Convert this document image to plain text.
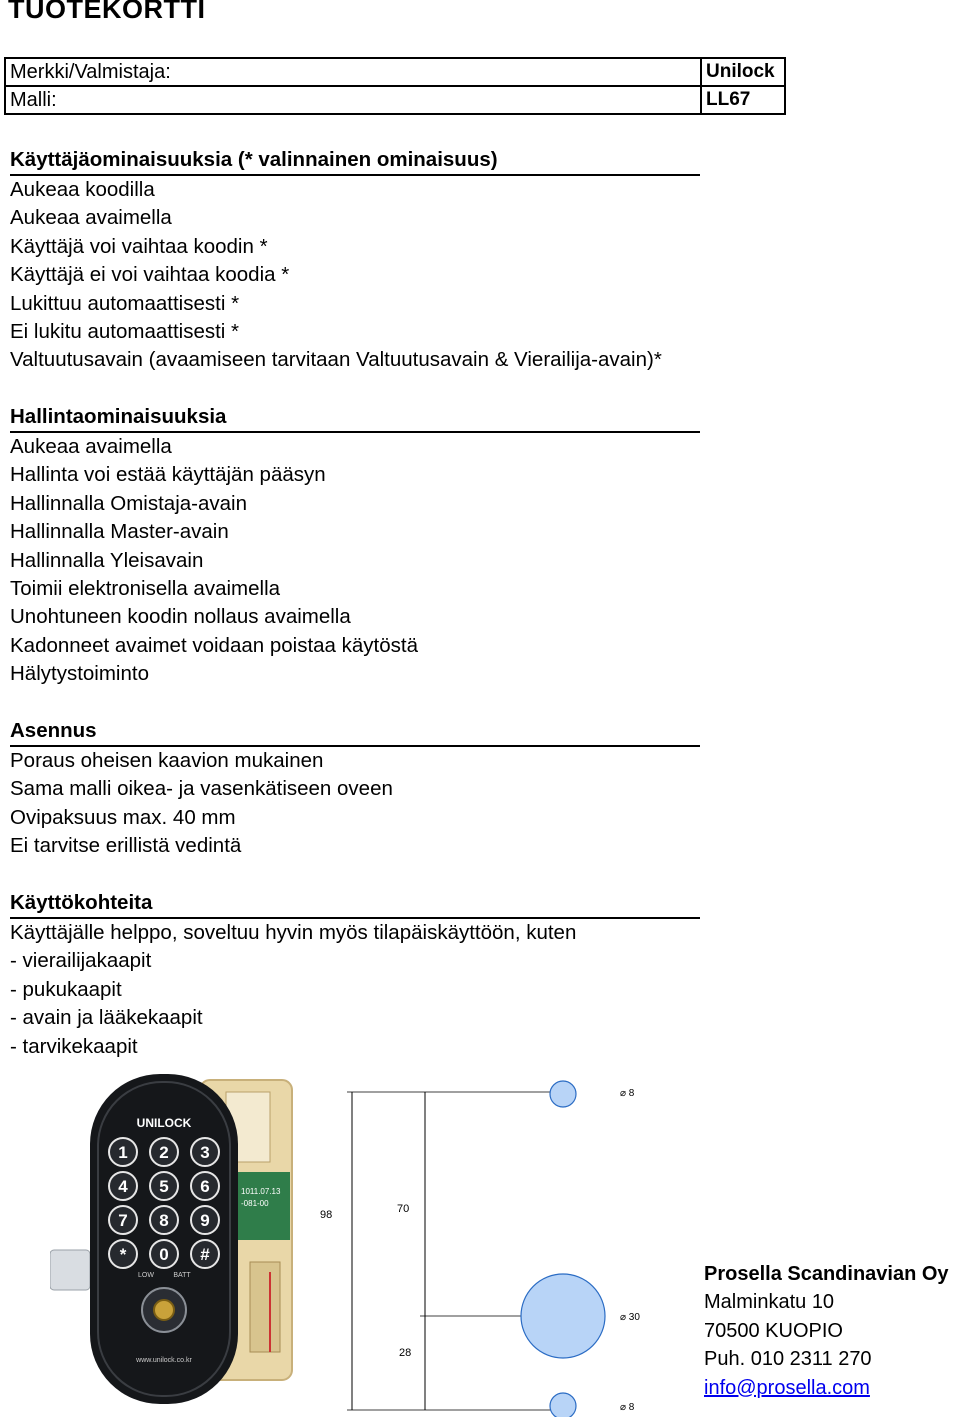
TUOTEKORTTI
Merkki/Valmistaja:	Unilock
Malli:	LL67
Käyttäjäominaisuuksia (* valinnainen ominaisuus)
Aukeaa koodilla
Aukeaa avaimella
Käyttäjä voi vaihtaa koodin *
Käyttäjä ei voi vaihtaa koodia *
Lukittuu automaattisesti *
Ei lukitu automaattisesti *
Valtuutusavain (avaamiseen tarvitaan Valtuutusavain & Vierailija-avain)*
Hallintaominaisuuksia
Aukeaa avaimella
Hallinta voi estää käyttäjän pääsyn
Hallinnalla Omistaja-avain
Hallinnalla Master-avain
Hallinnalla Yleisavain
Toimii elektronisella avaimella
Unohtuneen koodin nollaus avaimella
Kadonneet avaimet voidaan poistaa käytöstä
Hälytystoiminto
Asennus
Poraus oheisen kaavion mukainen
Sama malli oikea- ja vasenkätiseen oveen
Ovipaksuus max. 40 mm
Ei tarvitse erillistä vedintä
Käyttökohteita
Käyttäjälle helppo, soveltuu hyvin myös tilapäiskäyttöön, kuten
- vierailijakaapit
- pukukaapit
- avain ja lääkekaapit
- tarvikekaapit
1011.07.13
-081-00
UNILOCK
1 2 3
4 5 6
7 8 9
* 0 #
LOW	BATT
www.unilock.co.kr
98	70
28
⌀ 8
⌀ 30
⌀ 8
Prosella Scandinavian Oy
Malminkatu 10
70500 KUOPIO
Puh. 010 2311 270
info@prosella.com
